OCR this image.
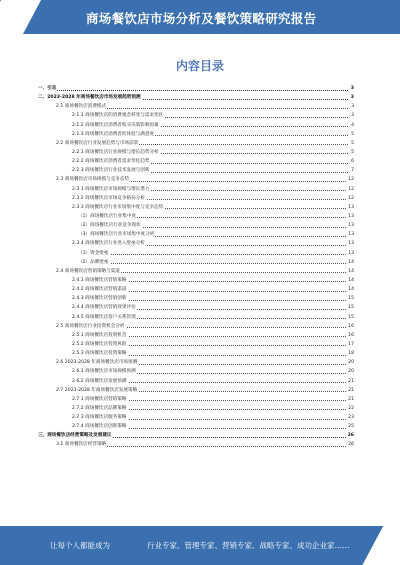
商场餐饮店市场分析及餐饮策略研究报告
内容目录
一、引言	3
二、2023-2028 年商场餐饮店市场发展趋势预测	3
2.1 商场餐饮店消费模式	3
2.1.1 商场餐饮店的消费观念转变与需求变化	3
2.1.2 商场餐饮店消费者购买决策影响因素	4
2.1.3 商场餐饮店消费者的体验与满意度	5
2.2 商场餐饮店行业发展趋势与市场前景	5
2.2.1 商场餐饮店行业规模与增长趋势分析	5
2.2.2 商场餐饮店消费者需求变化趋势	6
2.2.3 商场餐饮店行业技术发展与创新	7
2.3 商场餐饮店市场规模与竞争态势	12
2.3.1 商场餐饮店市场规模与增长潜力	12
2.3.2 商场餐饮店市场竞争格局分析	12
2.3.3 商场餐饮店行业市场集中度与竞争态势	13
（1）商场餐饮店行业集中度	13
（2）商场餐饮店行业竞争现状	13
（3）商场餐饮店行业市场集中度分析	13
2.3.4 商场餐饮店行业进入壁垒分析	13
（1）资金壁垒	13
（2）品牌壁垒	14
2.4 商场餐饮店营销策略与渠道	14
2.4.1 商场餐饮店营销策略	14
2.4.2 商场餐饮店营销渠道	14
2.4.3 商场餐饮店营销创新	15
2.4.4 商场餐饮店营销效果评估	15
2.4.5 商场餐饮店客户关系管理	15
2.5 商场餐饮店行业投资机会分析	16
2.5.1 商场餐饮店投资机会	16
2.5.2 商场餐饮店投资风险	17
2.5.3 商场餐饮店投资策略	18
2.6 2023-2028 年商场餐饮店市场预测	20
2.6.1 商场餐饮店市场规模预测	20
2.6.2 商场餐饮店发展预测	21
2.7 2023-2028 年商场餐饮店发展策略	21
2.7.1 商场餐饮店营销策略	21
2.7.2 商场餐饮店品牌策略	22
2.7.3 商场餐饮店服务策略	23
2.7.4 商场餐饮店创新策略	25
三、商场餐饮店经营策略及发展建议	26
3.1 商场餐饮店经营策略	26
让每个人都能成为	行业专家、管理专家、营销专家、战略专家、成功企业家……
